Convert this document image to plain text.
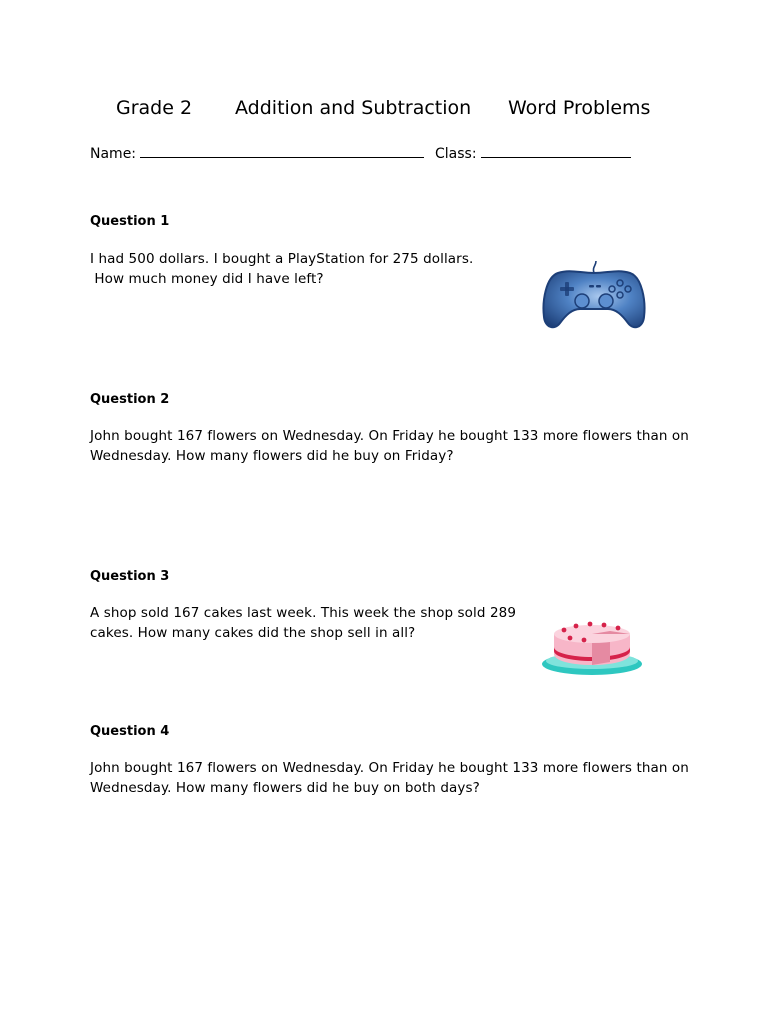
Grade 2 Addition and Subtraction Word Problems
Name:	Class:
Question 1
I had 500 dollars. I bought a PlayStation for 275 dollars.
How much money did I have left?
Question 2
John bought 167 flowers on Wednesday. On Friday he bought 133 more flowers than on
Wednesday. How many flowers did he buy on Friday?
Question 3
A shop sold 167 cakes last week. This week the shop sold 289
cakes. How many cakes did the shop sell in all?
Question 4
John bought 167 flowers on Wednesday. On Friday he bought 133 more flowers than on
Wednesday. How many flowers did he buy on both days?
